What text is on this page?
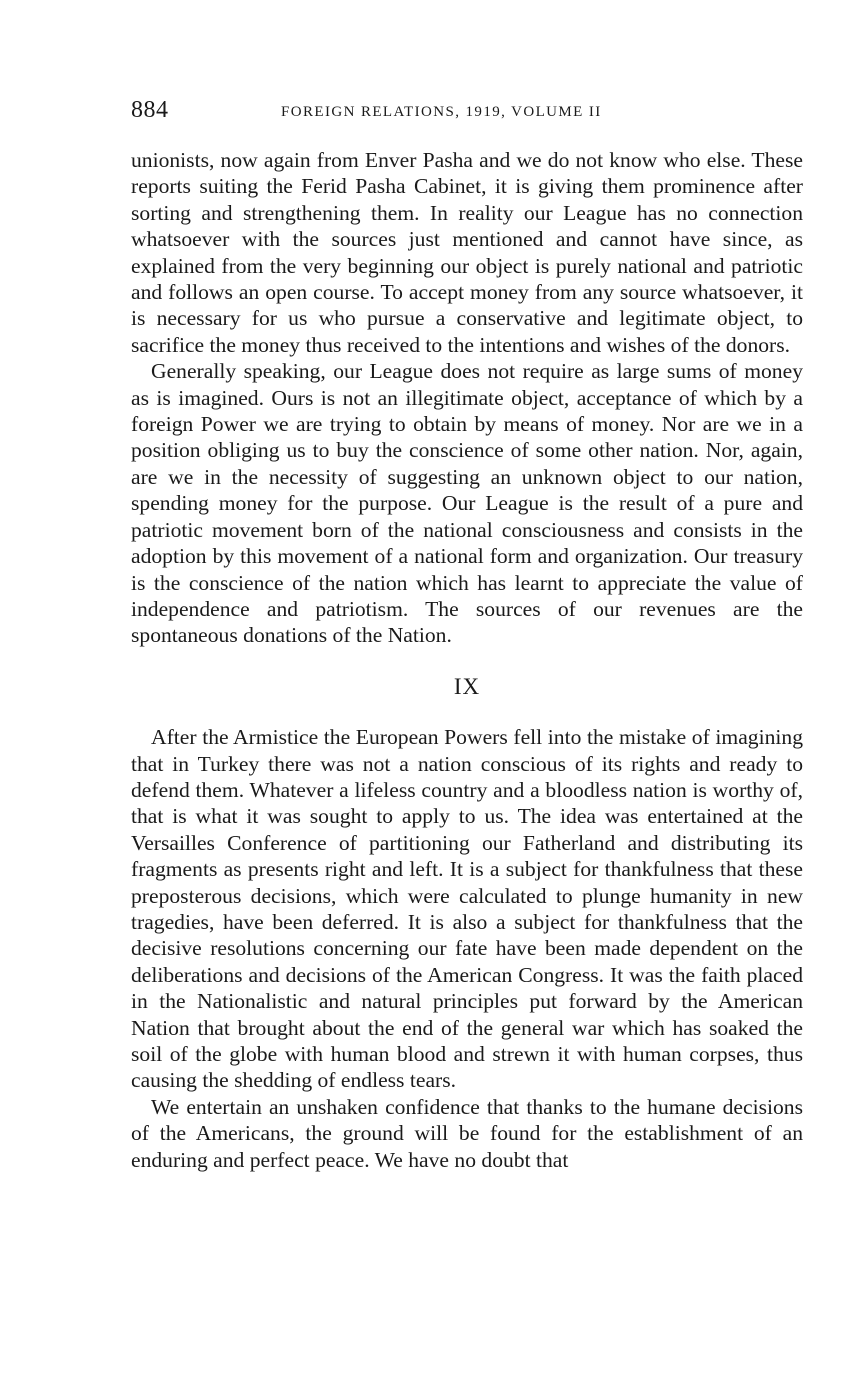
884	FOREIGN RELATIONS, 1919, VOLUME II

unionists, now again from Enver Pasha and we do not know who else. These reports suiting the Ferid Pasha Cabinet, it is giving them prominence after sorting and strengthening them. In reality our League has no connection whatsoever with the sources just mentioned and cannot have since, as explained from the very beginning our object is purely national and patriotic and follows an open course. To accept money from any source whatsoever, it is necessary for us who pursue a conservative and legitimate object, to sacrifice the money thus received to the intentions and wishes of the donors.

Generally speaking, our League does not require as large sums of money as is imagined. Ours is not an illegitimate object, acceptance of which by a foreign Power we are trying to obtain by means of money. Nor are we in a position obliging us to buy the conscience of some other nation. Nor, again, are we in the necessity of suggesting an unknown object to our nation, spending money for the purpose. Our League is the result of a pure and patriotic movement born of the national consciousness and consists in the adoption by this movement of a national form and organization. Our treasury is the conscience of the nation which has learnt to appreciate the value of independence and patriotism. The sources of our revenues are the spontaneous donations of the Nation.

IX

After the Armistice the European Powers fell into the mistake of imagining that in Turkey there was not a nation conscious of its rights and ready to defend them. Whatever a lifeless country and a bloodless nation is worthy of, that is what it was sought to apply to us. The idea was entertained at the Versailles Conference of partitioning our Fatherland and distributing its fragments as presents right and left. It is a subject for thankfulness that these preposterous decisions, which were calculated to plunge humanity in new tragedies, have been deferred. It is also a subject for thankfulness that the decisive resolutions concerning our fate have been made dependent on the deliberations and decisions of the American Congress. It was the faith placed in the Nationalistic and natural principles put forward by the American Nation that brought about the end of the general war which has soaked the soil of the globe with human blood and strewn it with human corpses, thus causing the shedding of endless tears.

We entertain an unshaken confidence that thanks to the humane decisions of the Americans, the ground will be found for the establishment of an enduring and perfect peace. We have no doubt that
